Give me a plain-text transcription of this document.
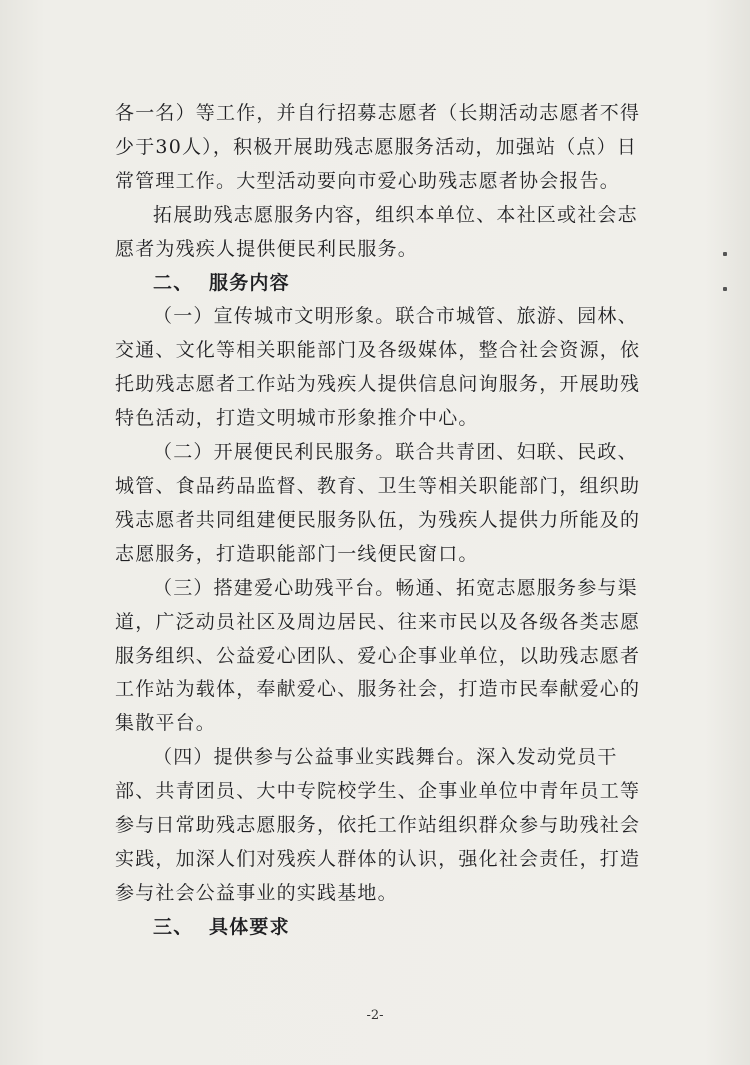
各一名）等工作，并自行招募志愿者（长期活动志愿者不得少于30人），积极开展助残志愿服务活动，加强站（点）日常管理工作。大型活动要向市爱心助残志愿者协会报告。
拓展助残志愿服务内容，组织本单位、本社区或社会志愿者为残疾人提供便民利民服务。
二、 服务内容
（一）宣传城市文明形象。联合市城管、旅游、园林、交通、文化等相关职能部门及各级媒体，整合社会资源，依托助残志愿者工作站为残疾人提供信息问询服务，开展助残特色活动，打造文明城市形象推介中心。
（二）开展便民利民服务。联合共青团、妇联、民政、城管、食品药品监督、教育、卫生等相关职能部门，组织助残志愿者共同组建便民服务队伍，为残疾人提供力所能及的志愿服务，打造职能部门一线便民窗口。
（三）搭建爱心助残平台。畅通、拓宽志愿服务参与渠道，广泛动员社区及周边居民、往来市民以及各级各类志愿服务组织、公益爱心团队、爱心企事业单位，以助残志愿者工作站为载体，奉献爱心、服务社会，打造市民奉献爱心的集散平台。
（四）提供参与公益事业实践舞台。深入发动党员干部、共青团员、大中专院校学生、企事业单位中青年员工等参与日常助残志愿服务，依托工作站组织群众参与助残社会实践，加深人们对残疾人群体的认识，强化社会责任，打造参与社会公益事业的实践基地。
三、 具体要求
-2-
